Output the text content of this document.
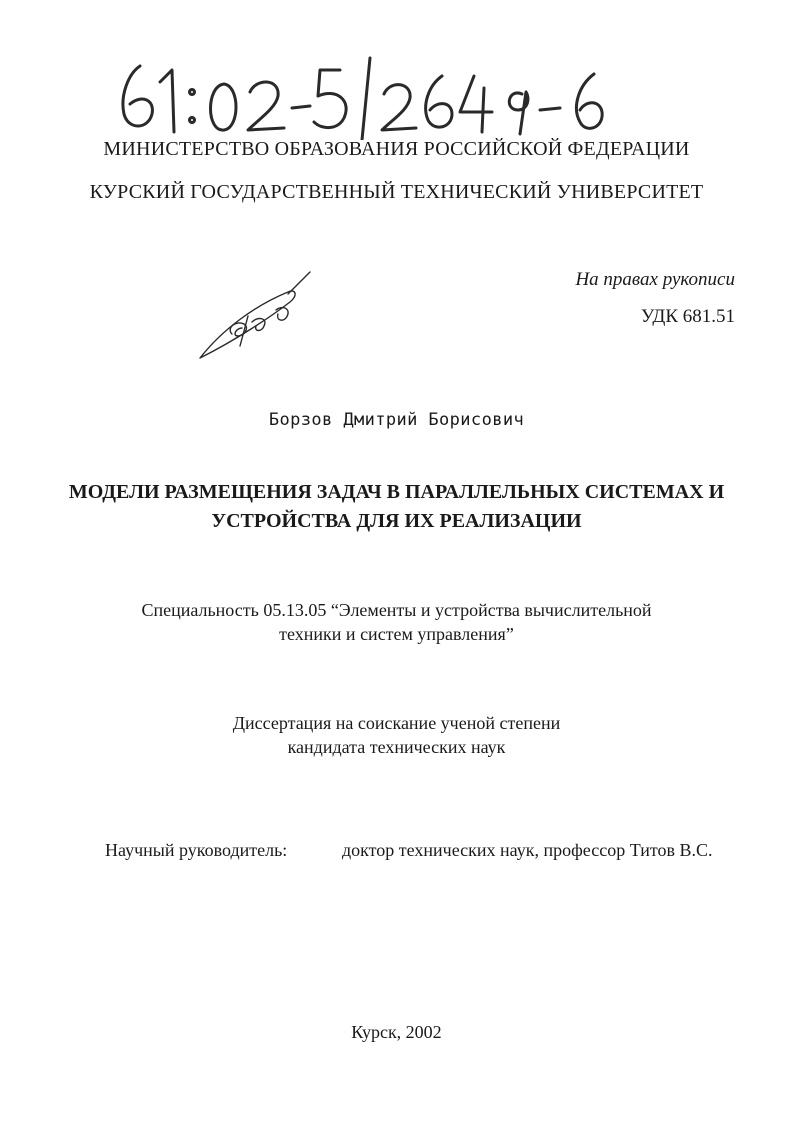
МИНИСТЕРСТВО ОБРАЗОВАНИЯ РОССИЙСКОЙ ФЕДЕРАЦИИ
КУРСКИЙ ГОСУДАРСТВЕННЫЙ ТЕХНИЧЕСКИЙ УНИВЕРСИТЕТ
На правах рукописи
УДК 681.51
Борзов Дмитрий Борисович
МОДЕЛИ РАЗМЕЩЕНИЯ ЗАДАЧ В ПАРАЛЛЕЛЬНЫХ СИСТЕМАХ И
УСТРОЙСТВА ДЛЯ ИХ РЕАЛИЗАЦИИ
Специальность 05.13.05 “Элементы и устройства вычислительной
техники и систем управления”
Диссертация на соискание ученой степени
кандидата технических наук
Научный руководитель:	доктор технических наук, профессор Титов В.С.
Курск, 2002
